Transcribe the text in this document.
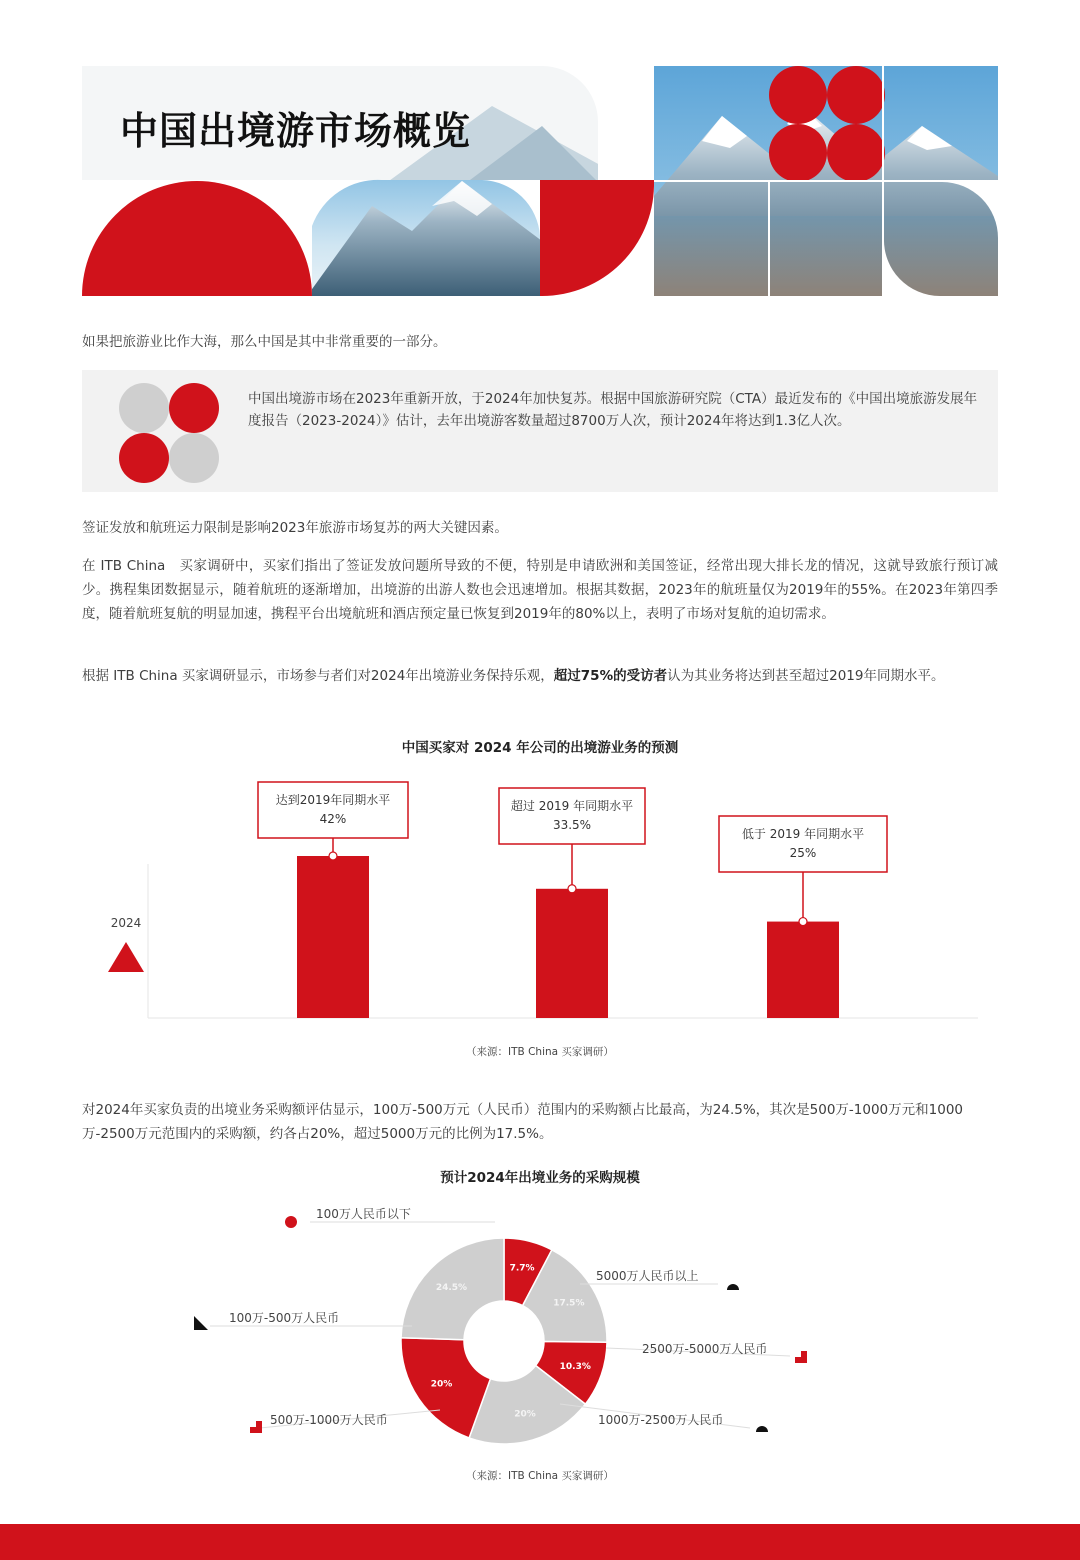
中国出境游市场概览
如果把旅游业比作大海，那么中国是其中非常重要的一部分。
中国出境游市场在2023年重新开放，于2024年加快复苏。根据中国旅游研究院（CTA）最近发布的《中国出境旅游发展年度报告（2023-2024）》估计，去年出境游客数量超过8700万人次，预计2024年将达到1.3亿人次。
签证发放和航班运力限制是影响2023年旅游市场复苏的两大关键因素。
在 ITB China　买家调研中，买家们指出了签证发放问题所导致的不便，特别是申请欧洲和美国签证，经常出现大排长龙的情况，这就导致旅行预订减少。携程集团数据显示，随着航班的逐渐增加，出境游的出游人数也会迅速增加。根据其数据，2023年的航班量仅为2019年的55%。在2023年第四季度，随着航班复航的明显加速，携程平台出境航班和酒店预定量已恢复到2019年的80%以上，表明了市场对复航的迫切需求。
根据 ITB China 买家调研显示，市场参与者们对2024年出境游业务保持乐观，超过75%的受访者认为其业务将达到甚至超过2019年同期水平。
中国买家对 2024 年公司的出境游业务的预测
2024
达到2019年同期水平
42%
超过 2019 年同期水平
33.5%
低于 2019 年同期水平
25%
（来源：ITB China 买家调研）
对2024年买家负责的出境业务采购额评估显示，100万-500万元（人民币）范围内的采购额占比最高，为24.5%，其次是500万-1000万元和1000万-2500万元范围内的采购额，约各占20%，超过5000万元的比例为17.5%。
预计2024年出境业务的采购规模
7.7%
17.5%
10.3%
20%
20%
24.5%
100万人民币以下
5000万人民币以上
2500万-5000万人民币
1000万-2500万人民币
500万-1000万人民币
100万-500万人民币
（来源：ITB China 买家调研）
